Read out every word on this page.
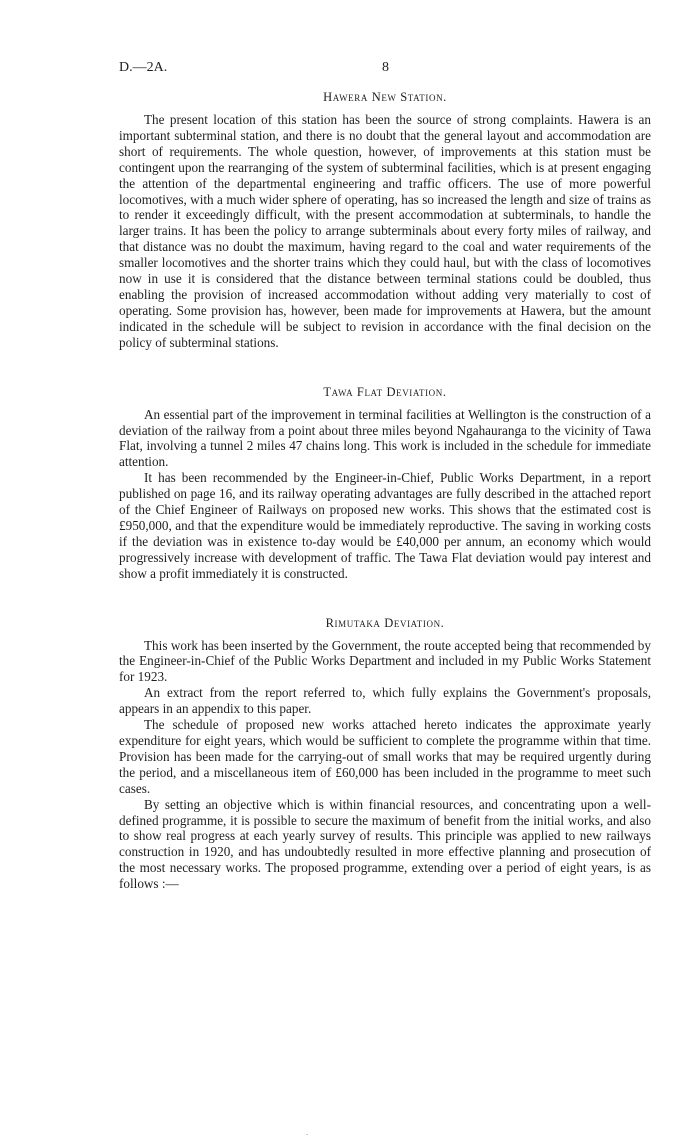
D.—2A.	8
Hawera New Station.

The present location of this station has been the source of strong complaints. Hawera is an important subterminal station, and there is no doubt that the general layout and accommodation are short of requirements. The whole question, however, of improvements at this station must be contingent upon the rearranging of the system of subterminal facilities, which is at present engaging the attention of the departmental engineering and traffic officers. The use of more powerful locomotives, with a much wider sphere of operating, has so increased the length and size of trains as to render it exceedingly difficult, with the present accommodation at subterminals, to handle the larger trains. It has been the policy to arrange subterminals about every forty miles of railway, and that distance was no doubt the maximum, having regard to the coal and water requirements of the smaller locomotives and the shorter trains which they could haul, but with the class of locomotives now in use it is considered that the distance between terminal stations could be doubled, thus enabling the provision of increased accommodation without adding very materially to cost of operating. Some provision has, however, been made for improvements at Hawera, but the amount indicated in the schedule will be subject to revision in accordance with the final decision on the policy of subterminal stations.

Tawa Flat Deviation.

An essential part of the improvement in terminal facilities at Wellington is the construction of a deviation of the railway from a point about three miles beyond Ngahauranga to the vicinity of Tawa Flat, involving a tunnel 2 miles 47 chains long. This work is included in the schedule for immediate attention.

It has been recommended by the Engineer-in-Chief, Public Works Department, in a report published on page 16, and its railway operating advantages are fully described in the attached report of the Chief Engineer of Railways on proposed new works. This shows that the estimated cost is £950,000, and that the expenditure would be immediately reproductive. The saving in working costs if the deviation was in existence to-day would be £40,000 per annum, an economy which would progressively increase with development of traffic. The Tawa Flat deviation would pay interest and show a profit immediately it is constructed.

Rimutaka Deviation.

This work has been inserted by the Government, the route accepted being that recommended by the Engineer-in-Chief of the Public Works Department and included in my Public Works Statement for 1923.

An extract from the report referred to, which fully explains the Government's proposals, appears in an appendix to this paper.

The schedule of proposed new works attached hereto indicates the approximate yearly expenditure for eight years, which would be sufficient to complete the programme within that time. Provision has been made for the carrying-out of small works that may be required urgently during the period, and a miscellaneous item of £60,000 has been included in the programme to meet such cases.

By setting an objective which is within financial resources, and concentrating upon a well-defined programme, it is possible to secure the maximum of benefit from the initial works, and also to show real progress at each yearly survey of results. This principle was applied to new railways construction in 1920, and has undoubtedly resulted in more effective planning and prosecution of the most necessary works. The proposed programme, extending over a period of eight years, is as follows :—

.
